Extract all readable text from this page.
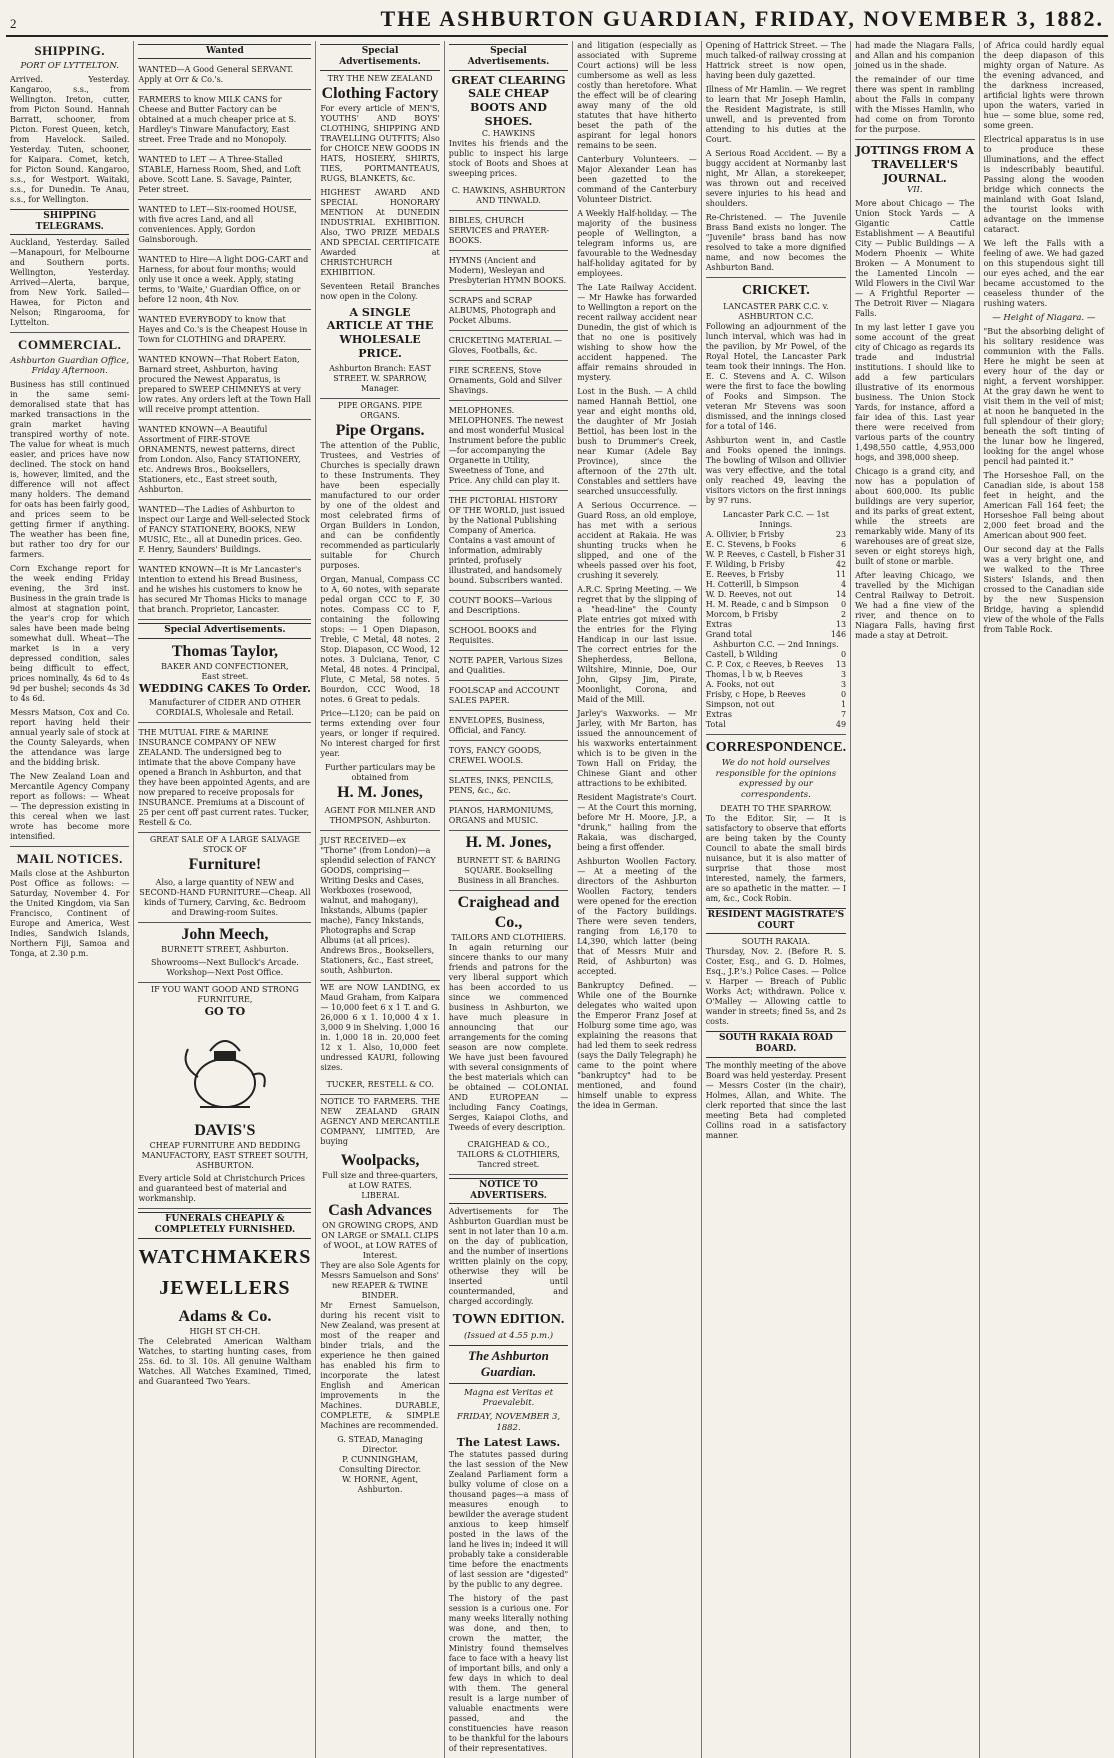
2	THE ASHBURTON GUARDIAN, FRIDAY, NOVEMBER 3, 1882.
SHIPPING.
PORT OF LYTTELTON.

Arrived. Yesterday. Kangaroo, s.s., from Wellington. Ireton, cutter, from Picton Sound. Hannah Barratt, schooner, from Picton. Forest Queen, ketch, from Havelock. Sailed. Yesterday. Tuten, schooner, for Kaipara. Comet, ketch, for Picton Sound. Kangaroo, s.s., for Westport. Waitaki, s.s., for Dunedin. Te Anau, s.s., for Wellington.

SHIPPING TELEGRAMS.

Auckland, Yesterday. Sailed—Manapouri, for Melbourne and Southern ports. Wellington, Yesterday. Arrived—Alerta, barque, from New York. Sailed—Hawea, for Picton and Nelson; Ringarooma, for Lyttelton.

COMMERCIAL.
Ashburton Guardian Office, Friday Afternoon.

Business has still continued in the same semi-demoralised state that has marked transactions in the grain market having transpired worthy of note. The value for wheat is much easier, and prices have now declined. The stock on hand is, however, limited, and the difference will not affect many holders. The demand for oats has been fairly good, and prices seem to be getting firmer if anything. The weather has been fine, but rather too dry for our farmers.

Corn Exchange report for the week ending Friday evening, the 3rd inst. Business in the grain trade is almost at stagnation point, the year's crop for which sales have been made being somewhat dull. Wheat—The market is in a very depressed condition, sales being difficult to effect, prices nominally, 4s 6d to 4s 9d per bushel; seconds 4s 3d to 4s 6d.

Messrs Matson, Cox and Co. report having held their annual yearly sale of stock at the County Saleyards, when the attendance was large and the bidding brisk.

The New Zealand Loan and Mercantile Agency Company report as follows: — Wheat — The depression existing in this cereal when we last wrote has become more intensified.

MAIL NOTICES.

Mails close at the Ashburton Post Office as follows: — Saturday, November 4. For the United Kingdom, via San Francisco, Continent of Europe and America, West Indies, Sandwich Islands, Northern Fiji, Samoa and Tonga, at 2.30 p.m.

Wanted
WANTED—A Good General SERVANT. Apply at Orr & Co.'s.
FARMERS to know MILK CANS for Cheese and Butter Factory can be obtained at a much cheaper price at S. Hardley's Tinware Manufactory, East street. Free Trade and no Monopoly.
WANTED to LET — A Three-Stalled STABLE, Harness Room, Shed, and Loft above. Scott Lane. S. Savage, Painter, Peter street.
WANTED to LET—Six-roomed HOUSE, with five acres Land, and all conveniences. Apply, Gordon Gainsborough.
WANTED to Hire—A light DOG-CART and Harness, for about four months; would only use it once a week. Apply, stating terms, to 'Waite,' Guardian Office, on or before 12 noon, 4th Nov.
WANTED EVERYBODY to know that Hayes and Co.'s is the Cheapest House in Town for CLOTHING and DRAPERY.
WANTED KNOWN—That Robert Eaton, Barnard street, Ashburton, having procured the Newest Apparatus, is prepared to SWEEP CHIMNEYS at very low rates. Any orders left at the Town Hall will receive prompt attention.
WANTED KNOWN—A Beautiful Assortment of FIRE-STOVE ORNAMENTS, newest patterns, direct from London. Also, Fancy STATIONERY, etc. Andrews Bros., Booksellers, Stationers, etc., East street south, Ashburton.
WANTED—The Ladies of Ashburton to inspect our Large and Well-selected Stock of FANCY STATIONERY, BOOKS, NEW MUSIC, Etc., all at Dunedin prices. Geo. F. Henry, Saunders' Buildings.
WANTED KNOWN—It is Mr Lancaster's intention to extend his Bread Business, and he wishes his customers to know he has secured Mr Thomas Hicks to manage that branch. Proprietor, Lancaster.
Special Advertisements.
Thomas Taylor,
BAKER AND CONFECTIONER,
East street.
WEDDING CAKES To Order.
Manufacturer of CIDER AND OTHER CORDIALS, Wholesale and Retail.
THE MUTUAL FIRE & MARINE INSURANCE COMPANY OF NEW ZEALAND. The undersigned beg to intimate that the above Company have opened a Branch in Ashburton, and that they have been appointed Agents, and are now prepared to receive proposals for INSURANCE. Premiums at a Discount of 25 per cent off past current rates. Tucker, Restell & Co.
GREAT SALE OF A LARGE SALVAGE STOCK OF
Furniture!
Also, a large quantity of NEW and SECOND-HAND FURNITURE—Cheap. All kinds of Turnery, Carving, &c. Bedroom and Drawing-room Suites.
John Meech,
BURNETT STREET, Ashburton.
Showrooms—Next Bullock's Arcade. Workshop—Next Post Office.
IF YOU WANT GOOD AND STRONG FURNITURE,
GO TO
DAVIS'S
CHEAP FURNITURE AND BEDDING MANUFACTORY, EAST STREET SOUTH, ASHBURTON.
Every article Sold at Christchurch Prices and guaranteed best of material and workmanship.
FUNERALS CHEAPLY & COMPLETELY FURNISHED.
WATCHMAKERS
JEWELLERS
Adams & Co.
HIGH ST CH-CH.

The Celebrated American Waltham Watches, to starting hunting cases, from 25s. 6d. to 3l. 10s. All genuine Waltham Watches. All Watches Examined, Timed, and Guaranteed Two Years.

Special Advertisements.
TRY THE NEW ZEALAND
Clothing Factory

For every article of MEN'S, YOUTHS' AND BOYS' CLOTHING, SHIPPING AND TRAVELLING OUTFITS; Also for CHOICE NEW GOODS IN HATS, HOSIERY, SHIRTS, TIES, PORTMANTEAUS, RUGS, BLANKETS, &c.

HIGHEST AWARD AND SPECIAL HONORARY MENTION At DUNEDIN INDUSTRIAL EXHIBITION. Also, TWO PRIZE MEDALS AND SPECIAL CERTIFICATE Awarded at CHRISTCHURCH EXHIBITION.

Seventeen Retail Branches now open in the Colony.

A SINGLE ARTICLE AT THE WHOLESALE PRICE.
Ashburton Branch: EAST STREET. W. SPARROW, Manager.
PIPE ORGANS. PIPE ORGANS.
Pipe Organs.

The attention of the Public, Trustees, and Vestries of Churches is specially drawn to these Instruments. They have been especially manufactured to our order by one of the oldest and most celebrated firms of Organ Builders in London, and can be confidently recommended as particularly suitable for Church purposes.

Organ, Manual, Compass CC to A, 60 notes, with separate pedal organ CCC to F, 30 notes. Compass CC to F, containing the following stops: — 1 Open Diapason, Treble, C Metal, 48 notes. 2 Stop. Diapason, CC Wood, 12 notes. 3 Dulciana, Tenor, C Metal, 48 notes. 4 Principal, Flute, C Metal, 58 notes. 5 Bourdon, CCC Wood, 18 notes. 6 Great to pedals.

Price—L120; can be paid on terms extending over four years, or longer if required. No interest charged for first year.

Further particulars may be obtained from
H. M. Jones,
AGENT FOR MILNER AND THOMPSON, Ashburton.
JUST RECEIVED—ex "Thorne" (from London)—a splendid selection of FANCY GOODS, comprising—Writing Desks and Cases, Workboxes (rosewood, walnut, and mahogany), Inkstands, Albums (papier mache), Fancy Inkstands, Photographs and Scrap Albums (at all prices). Andrews Bros., Booksellers, Stationers, &c., East street, south, Ashburton.

WE are NOW LANDING, ex Maud Graham, from Kaipara — 10,000 feet 6 x 1 T. and G. 26,000 6 x 1. 10,000 4 x 1. 3,000 9 in Shelving. 1,000 16 in. 1,000 18 in. 20,000 feet 12 x 1. Also, 10,000 feet undressed KAURI, following sizes.

TUCKER, RESTELL & CO.

NOTICE TO FARMERS. THE NEW ZEALAND GRAIN AGENCY AND MERCANTILE COMPANY, LIMITED, Are buying

Woolpacks,
Full size and three-quarters, at LOW RATES.
LIBERAL
Cash Advances
ON GROWING CROPS, AND ON LARGE or SMALL CLIPS of WOOL, at LOW RATES of Interest.
They are also Sole Agents for Messrs Samuelson and Sons' new REAPER & TWINE BINDER.

Mr Ernest Samuelson, during his recent visit to New Zealand, was present at most of the reaper and binder trials, and the experience he then gained has enabled his firm to incorporate the latest English and American improvements in the Machines. DURABLE, COMPLETE, & SIMPLE Machines are recommended.

G. STEAD, Managing Director.
P. CUNNINGHAM, Consulting Director.
W. HORNE, Agent, Ashburton.
Special Advertisements.
GREAT CLEARING SALE CHEAP BOOTS AND SHOES.
C. HAWKINS

Invites his friends and the public to inspect his large stock of Boots and Shoes at sweeping prices.

C. HAWKINS, ASHBURTON AND TINWALD.
BIBLES, CHURCH SERVICES and PRAYER-BOOKS.
HYMNS (Ancient and Modern), Wesleyan and Presbyterian HYMN BOOKS.
SCRAPS and SCRAP ALBUMS, Photograph and Pocket Albums.
CRICKETING MATERIAL — Gloves, Footballs, &c.
FIRE SCREENS, Stove Ornaments, Gold and Silver Shavings.
MELOPHONES. MELOPHONES. The newest and most wonderful Musical Instrument before the public—for accompanying the Organette in Utility, Sweetness of Tone, and Price. Any child can play it.
THE PICTORIAL HISTORY OF THE WORLD, just issued by the National Publishing Company of America. Contains a vast amount of information, admirably printed, profusely illustrated, and handsomely bound. Subscribers wanted.
COUNT BOOKS—Various and Descriptions.
SCHOOL BOOKS and Requisites.
NOTE PAPER, Various Sizes and Qualities.
FOOLSCAP and ACCOUNT SALES PAPER.
ENVELOPES, Business, Official, and Fancy.
TOYS, FANCY GOODS, CREWEL WOOLS.
SLATES, INKS, PENCILS, PENS, &c., &c.
PIANOS, HARMONIUMS, ORGANS and MUSIC.
H. M. Jones,
BURNETT ST. & BARING SQUARE. Bookselling Business in all Branches.
Craighead and Co.,
TAILORS AND CLOTHIERS.

In again returning our sincere thanks to our many friends and patrons for the very liberal support which has been accorded to us since we commenced business in Ashburton, we have much pleasure in announcing that our arrangements for the coming season are now complete. We have just been favoured with several consignments of the best materials which can be obtained — COLONIAL AND EUROPEAN — including Fancy Coatings, Serges, Kaiapoi Cloths, and Tweeds of every description.

CRAIGHEAD & CO., TAILORS & CLOTHIERS, Tancred street.
NOTICE TO ADVERTISERS.

Advertisements for The Ashburton Guardian must be sent in not later than 10 a.m. on the day of publication, and the number of insertions written plainly on the copy, otherwise they will be inserted until countermanded, and charged accordingly.

TOWN EDITION.
(Issued at 4.55 p.m.)
The Ashburton Guardian.
Magna est Veritas et Praevalebit.
FRIDAY, NOVEMBER 3, 1882.
The Latest Laws.

The statutes passed during the last session of the New Zealand Parliament form a bulky volume of close on a thousand pages—a mass of measures enough to bewilder the average student anxious to keep himself posted in the laws of the land he lives in; indeed it will probably take a considerable time before the enactments of last session are "digested" by the public to any degree.

The history of the past session is a curious one. For many weeks literally nothing was done, and then, to crown the matter, the Ministry found themselves face to face with a heavy list of important bills, and only a few days in which to deal with them. The general result is a large number of valuable enactments were passed, and the constituencies have reason to be thankful for the labours of their representatives.

and litigation (especially as associated with Supreme Court actions) will be less cumbersome as well as less costly than heretofore. What the effect will be of clearing away many of the old statutes that have hitherto beset the path of the aspirant for legal honors remains to be seen.

Canterbury Volunteers. — Major Alexander Lean has been gazetted to the command of the Canterbury Volunteer District.

A Weekly Half-holiday. — The majority of the business people of Wellington, a telegram informs us, are favourable to the Wednesday half-holiday agitated for by employees.

The Late Railway Accident. — Mr Hawke has forwarded to Wellington a report on the recent railway accident near Dunedin, the gist of which is that no one is positively wishing to show how the accident happened. The affair remains shrouded in mystery.

Lost in the Bush. — A child named Hannah Bettiol, one year and eight months old, the daughter of Mr Josiah Bettiol, has been lost in the bush to Drummer's Creek, near Kumar (Adele Bay Province), since the afternoon of the 27th ult. Constables and settlers have searched unsuccessfully.

A Serious Occurrence. — Guard Ross, an old employe, has met with a serious accident at Rakaia. He was shunting trucks when he slipped, and one of the wheels passed over his foot, crushing it severely.

A.R.C. Spring Meeting. — We regret that by the slipping of a "head-line" the County Plate entries got mixed with the entries for the Flying Handicap in our last issue. The correct entries for the Shepherdess, Bellona, Wiltshire, Minnie, Doe, Our John, Gipsy Jim, Pirate, Moonlight, Corona, and Maid of the Mill.

Jarley's Waxworks. — Mr Jarley, with Mr Barton, has issued the announcement of his waxworks entertainment which is to be given in the Town Hall on Friday, the Chinese Giant and other attractions to be exhibited.

Resident Magistrate's Court. — At the Court this morning, before Mr H. Moore, J.P., a "drunk," hailing from the Rakaia, was discharged, being a first offender.

Ashburton Woollen Factory. — At a meeting of the directors of the Ashburton Woollen Factory, tenders were opened for the erection of the Factory buildings. There were seven tenders, ranging from L6,170 to L4,390, which latter (being that of Messrs Muir and Reid, of Ashburton) was accepted.

Bankruptcy Defined. — While one of the Bournke delegates who waited upon the Emperor Franz Josef at Holburg some time ago, was explaining the reasons that had led them to seek redress (says the Daily Telegraph) he came to the point where "bankruptcy" had to be mentioned, and found himself unable to express the idea in German.

Opening of Hattrick Street. — The much talked-of railway crossing at Hattrick street is now open, having been duly gazetted.

Illness of Mr Hamlin. — We regret to learn that Mr Joseph Hamlin, the Resident Magistrate, is still unwell, and is prevented from attending to his duties at the Court.

A Serious Road Accident. — By a buggy accident at Normanby last night, Mr Allan, a storekeeper, was thrown out and received severe injuries to his head and shoulders.

Re-Christened. — The Juvenile Brass Band exists no longer. The "Juvenile" brass band has now resolved to take a more dignified name, and now becomes the Ashburton Band.

CRICKET.
LANCASTER PARK C.C. v. ASHBURTON C.C.

Following an adjournment of the lunch interval, which was had in the pavilion, by Mr Powel, of the Royal Hotel, the Lancaster Park team took their innings. The Hon. E. C. Stevens and A. C. Wilson were the first to face the bowling of Fooks and Simpson. The veteran Mr Stevens was soon dismissed, and the innings closed for a total of 146.

Ashburton went in, and Castle and Fooks opened the innings. The bowling of Wilson and Ollivier was very effective, and the total only reached 49, leaving the visitors victors on the first innings by 97 runs.

Lancaster Park C.C. — 1st Innings.
A. Ollivier, b Frisby	23
E. C. Stevens, b Fooks	6
W. P. Reeves, c Castell, b Fisher 31
F. Wilding, b Frisby	42
E. Reeves, b Frisby	11
H. Cotterill, b Simpson	4
W. D. Reeves, not out	14
H. M. Reade, c and b Simpson 0
Morcom, b Frisby	2
Extras	13
Grand total	146
Ashburton C.C. — 2nd Innings.
Castell, b Wilding	0
C. P. Cox, c Reeves, b Reeves 13
Thomas, l b w, b Reeves	3
A. Fooks, not out	3
Frisby, c Hope, b Reeves	0
Simpson, not out	1
Extras	7
Total	49
CORRESPONDENCE.
We do not hold ourselves responsible for the opinions expressed by our correspondents.
DEATH TO THE SPARROW.

To the Editor. Sir, — It is satisfactory to observe that efforts are being taken by the County Council to abate the small birds nuisance, but it is also matter of surprise that those most interested, namely, the farmers, are so apathetic in the matter. — I am, &c., Cock Robin.

RESIDENT MAGISTRATE'S COURT
SOUTH RAKAIA.

Thursday, Nov. 2. (Before R. S. Coster, Esq., and G. D. Holmes, Esq., J.P.'s.) Police Cases. — Police v. Harper — Breach of Public Works Act; withdrawn. Police v. O'Malley — Allowing cattle to wander in streets; fined 5s, and 2s costs.

SOUTH RAKAIA ROAD BOARD.

The monthly meeting of the above Board was held yesterday. Present — Messrs Coster (in the chair), Holmes, Allan, and White. The clerk reported that since the last meeting Beta had completed Collins road in a satisfactory manner.

had made the Niagara Falls, and Allan and his companion joined us in the shade.

the remainder of our time there was spent in rambling about the Falls in company with the Misses Hamlin, who had come on from Toronto for the purpose.

JOTTINGS FROM A TRAVELLER'S JOURNAL.
VII.

More about Chicago — The Union Stock Yards — A Gigantic Cattle Establishment — A Beautiful City — Public Buildings — A Modern Phoenix — White Broken — A Monument to the Lamented Lincoln — Wild Flowers in the Civil War — A Frightful Reporter — The Detroit River — Niagara Falls.

In my last letter I gave you some account of the great city of Chicago as regards its trade and industrial institutions. I should like to add a few particulars illustrative of its enormous business. The Union Stock Yards, for instance, afford a fair idea of this. Last year there were received from various parts of the country 1,498,550 cattle, 4,953,000 hogs, and 398,000 sheep.

Chicago is a grand city, and now has a population of about 600,000. Its public buildings are very superior, and its parks of great extent, while the streets are remarkably wide. Many of its warehouses are of great size, seven or eight storeys high, built of stone or marble.

After leaving Chicago, we travelled by the Michigan Central Railway to Detroit. We had a fine view of the river, and thence on to Niagara Falls, having first made a stay at Detroit.

of Africa could hardly equal the deep diapason of this mighty organ of Nature. As the evening advanced, and the darkness increased, artificial lights were thrown upon the waters, varied in hue — some blue, some red, some green.

Electrical apparatus is in use to produce these illuminations, and the effect is indescribably beautiful. Passing along the wooden bridge which connects the mainland with Goat Island, the tourist looks with advantage on the immense cataract.

We left the Falls with a feeling of awe. We had gazed on this stupendous sight till our eyes ached, and the ear became accustomed to the ceaseless thunder of the rushing waters.

— Height of Niagara. —

"But the absorbing delight of his solitary residence was communion with the Falls. Here he might be seen at every hour of the day or night, a fervent worshipper. At the gray dawn he went to visit them in the veil of mist; at noon he banqueted in the full splendour of their glory; beneath the soft tinting of the lunar bow he lingered, looking for the angel whose pencil had painted it."

The Horseshoe Fall, on the Canadian side, is about 158 feet in height, and the American Fall 164 feet; the Horseshoe Fall being about 2,000 feet broad and the American about 900 feet.

Our second day at the Falls was a very bright one, and we walked to the Three Sisters' Islands, and then crossed to the Canadian side by the new Suspension Bridge, having a splendid view of the whole of the Falls from Table Rock.
